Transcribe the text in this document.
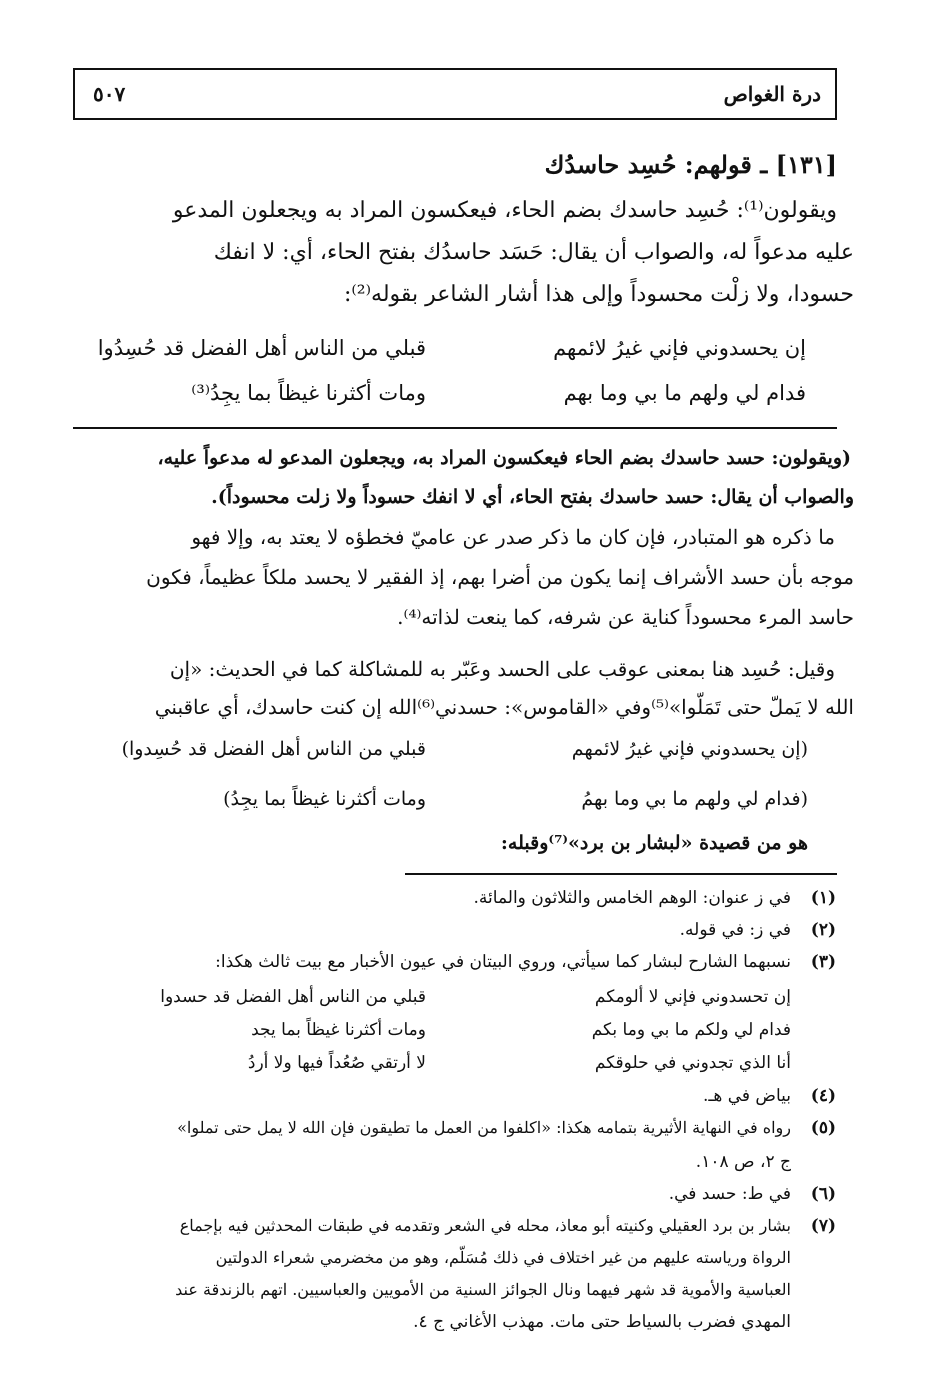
درة الغواص
٥٠٧
[١٣١] ـ قولهم: حُسِد حاسدُك
ويقولون⁽¹⁾: حُسِد حاسدك بضم الحاء، فيعكسون المراد به ويجعلون المدعو
عليه مدعواً له، والصواب أن يقال: حَسَد حاسدُك بفتح الحاء، أي: لا انفك
حسودا، ولا زلْت محسوداً وإلى هذا أشار الشاعر بقوله⁽²⁾:
إن يحسدوني فإني غيرُ لائمهم
قبلي من الناس أهل الفضل قد حُسِدُوا
فدام لي ولهم ما بي وما بهم
ومات أكثرنا غيظاً بما يجِدُ⁽³⁾
(ويقولون: حسد حاسدك بضم الحاء فيعكسون المراد به، ويجعلون المدعو له مدعواً عليه،
والصواب أن يقال: حسد حاسدك بفتح الحاء، أي لا انفك حسوداً ولا زلت محسوداً).
ما ذكره هو المتبادر، فإن كان ما ذكر صدر عن عاميّ فخطؤه لا يعتد به، وإلا فهو
موجه بأن حسد الأشراف إنما يكون من أضرا بهم، إذ الفقير لا يحسد ملكاً عظيماً، فكون
حاسد المرء محسوداً كناية عن شرفه، كما ينعت لذاته⁽⁴⁾.
وقيل: حُسِد هنا بمعنى عوقب على الحسد وعَبّر به للمشاكلة كما في الحديث: «إن
الله لا يَملّ حتى تَمَلّوا»⁽⁵⁾وفي «القاموس»: حسدني⁽⁶⁾الله إن كنت حاسدك، أي عاقبني
(إن يحسدوني فإني غيرُ لائمهم
قبلي من الناس أهل الفضل قد حُسِدوا)
(فدام لي ولهم ما بي وما بهمُ
ومات أكثرنا غيظاً بما يجِدُ)
هو من قصيدة «لبشار بن برد»⁽⁷⁾وقبله:
(١)
في ز عنوان: الوهم الخامس والثلاثون والمائة.
(٢)
في ز: في قوله.
(٣)
نسبهما الشارح لبشار كما سيأتي، وروي البيتان في عيون الأخبار مع بيت ثالث هكذا:
إن تحسدوني فإني لا ألومكم
قبلي من الناس أهل الفضل قد حسدوا
فدام لي ولكم ما بي وما بكم
ومات أكثرنا غيظاً بما يجد
أنا الذي تجدوني في حلوقكم
لا أرتقي صُعُداً فيها ولا أردُ
(٤)
بياض في هـ.
(٥)
رواه في النهاية الأثيرية بتمامه هكذا: «اكلفوا من العمل ما تطيقون فإن الله لا يمل حتى تملوا»
ج ٢، ص ١٠٨.
(٦)
في ط: حسد في.
(٧)
بشار بن برد العقيلي وكنيته أبو معاذ، محله في الشعر وتقدمه في طبقات المحدثين فيه بإجماع
الرواة ورياسته عليهم من غير اختلاف في ذلك مُسَلّم، وهو من مخضرمي شعراء الدولتين
العباسية والأموية قد شهر فيهما ونال الجوائز السنية من الأمويين والعباسيين. اتهم بالزندقة عند
المهدي فضرب بالسياط حتى مات. مهذب الأغاني ج ٤.
